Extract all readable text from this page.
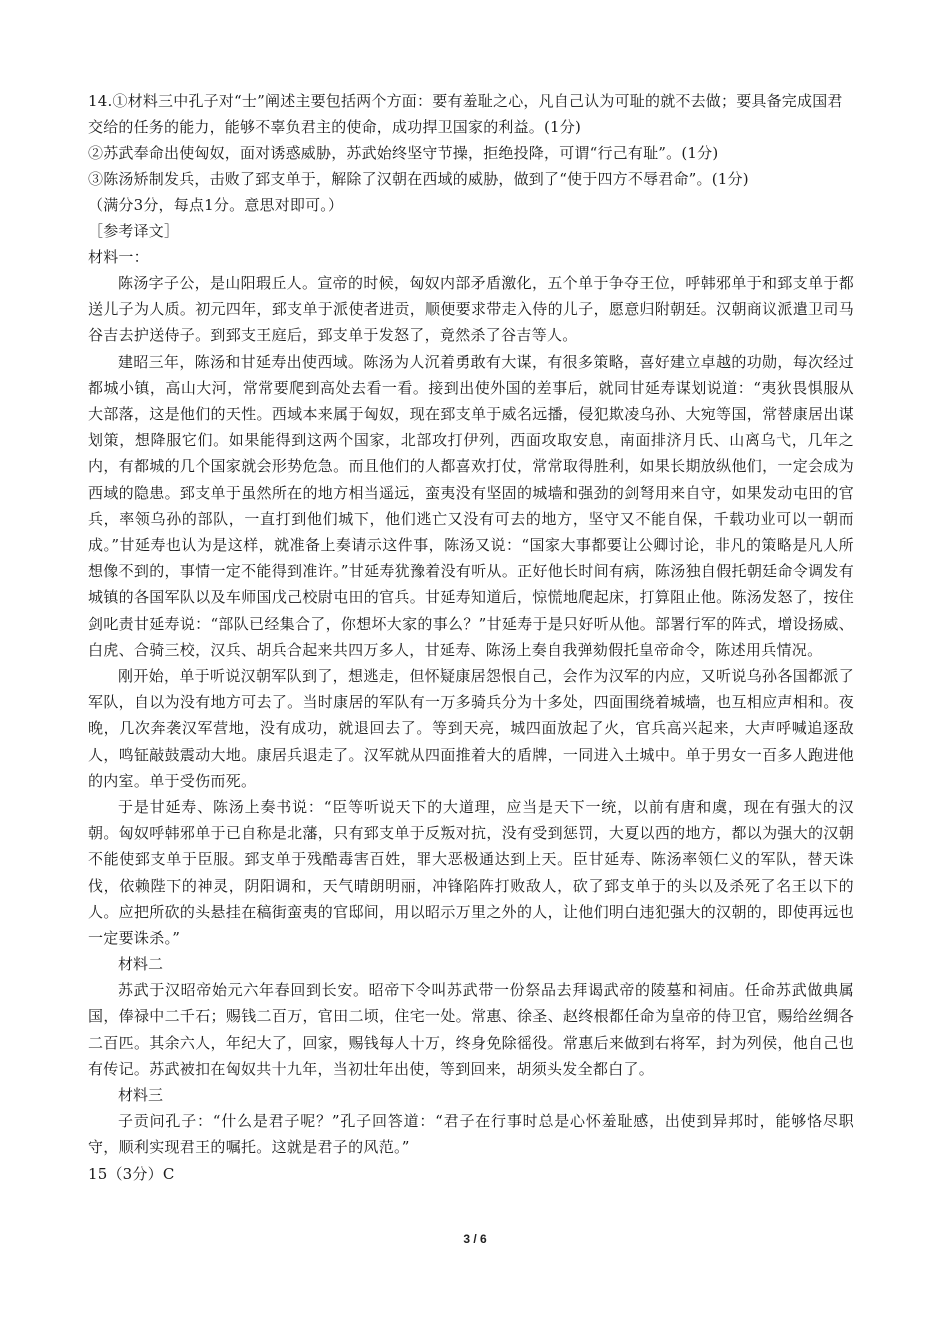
14.①材料三中孔子对“士”阐述主要包括两个方面：要有羞耻之心，凡自己认为可耻的就不去做；要具备完成国君交给的任务的能力，能够不辜负君主的使命，成功捍卫国家的利益。(1分)

②苏武奉命出使匈奴，面对诱惑威胁，苏武始终坚守节操，拒绝投降，可谓“行己有耻”。(1分)

③陈汤矫制发兵，击败了郅支单于，解除了汉朝在西域的威胁，做到了“使于四方不辱君命”。(1分)

（满分3分，每点1分。意思对即可。）

［参考译文］

材料一：

陈汤字子公，是山阳瑕丘人。宣帝的时候，匈奴内部矛盾激化，五个单于争夺王位，呼韩邪单于和郅支单于都送儿子为人质。初元四年，郅支单于派使者进贡，顺便要求带走入侍的儿子，愿意归附朝廷。汉朝商议派遣卫司马谷吉去护送侍子。到郅支王庭后，郅支单于发怒了，竟然杀了谷吉等人。

建昭三年，陈汤和甘延寿出使西域。陈汤为人沉着勇敢有大谋，有很多策略，喜好建立卓越的功勋，每次经过都城小镇，高山大河，常常要爬到高处去看一看。接到出使外国的差事后，就同甘延寿谋划说道：“夷狄畏惧服从大部落，这是他们的天性。西域本来属于匈奴，现在郅支单于威名远播，侵犯欺凌乌孙、大宛等国，常替康居出谋划策，想降服它们。如果能得到这两个国家，北部攻打伊列，西面攻取安息，南面排济月氏、山离乌弋，几年之内，有都城的几个国家就会形势危急。而且他们的人都喜欢打仗，常常取得胜利，如果长期放纵他们，一定会成为西域的隐患。郅支单于虽然所在的地方相当遥远，蛮夷没有坚固的城墙和强劲的剑弩用来自守，如果发动屯田的官兵，率领乌孙的部队，一直打到他们城下，他们逃亡又没有可去的地方，坚守又不能自保，千载功业可以一朝而成。”甘延寿也认为是这样，就准备上奏请示这件事，陈汤又说：“国家大事都要让公卿讨论，非凡的策略是凡人所想像不到的，事情一定不能得到准许。”甘延寿犹豫着没有听从。正好他长时间有病，陈汤独自假托朝廷命令调发有城镇的各国军队以及车师国戊己校尉屯田的官兵。甘延寿知道后，惊慌地爬起床，打算阻止他。陈汤发怒了，按住剑叱责甘延寿说：“部队已经集合了，你想坏大家的事么？”甘延寿于是只好听从他。部署行军的阵式，增设扬威、白虎、合骑三校，汉兵、胡兵合起来共四万多人，甘延寿、陈汤上奏自我弹劾假托皇帝命令，陈述用兵情况。

刚开始，单于听说汉朝军队到了，想逃走，但怀疑康居怨恨自己，会作为汉军的内应，又听说乌孙各国都派了军队，自以为没有地方可去了。当时康居的军队有一万多骑兵分为十多处，四面围绕着城墙，也互相应声相和。夜晚，几次奔袭汉军营地，没有成功，就退回去了。等到天亮，城四面放起了火，官兵高兴起来，大声呼喊追逐敌人，鸣钲敲鼓震动大地。康居兵退走了。汉军就从四面推着大的盾牌，一同进入土城中。单于男女一百多人跑进他的内室。单于受伤而死。

于是甘延寿、陈汤上奏书说：“臣等听说天下的大道理，应当是天下一统，以前有唐和虞，现在有强大的汉朝。匈奴呼韩邪单于已自称是北藩，只有郅支单于反叛对抗，没有受到惩罚，大夏以西的地方，都以为强大的汉朝不能使郅支单于臣服。郅支单于残酷毒害百姓，罪大恶极通达到上天。臣甘延寿、陈汤率领仁义的军队，替天诛伐，依赖陛下的神灵，阴阳调和，天气晴朗明丽，冲锋陷阵打败敌人，砍了郅支单于的头以及杀死了名王以下的人。应把所砍的头悬挂在稿街蛮夷的官邸间，用以昭示万里之外的人，让他们明白违犯强大的汉朝的，即使再远也一定要诛杀。”

材料二

苏武于汉昭帝始元六年春回到长安。昭帝下令叫苏武带一份祭品去拜谒武帝的陵墓和祠庙。任命苏武做典属国，俸禄中二千石；赐钱二百万，官田二顷，住宅一处。常惠、徐圣、赵终根都任命为皇帝的侍卫官，赐给丝绸各二百匹。其余六人，年纪大了，回家，赐钱每人十万，终身免除徭役。常惠后来做到右将军，封为列侯，他自己也有传记。苏武被扣在匈奴共十九年，当初壮年出使，等到回来，胡须头发全都白了。

材料三

子贡问孔子：“什么是君子呢？”孔子回答道：“君子在行事时总是心怀羞耻感，出使到异邦时，能够恪尽职守，顺利实现君王的嘱托。这就是君子的风范。”

15（3分）C

3 / 6
